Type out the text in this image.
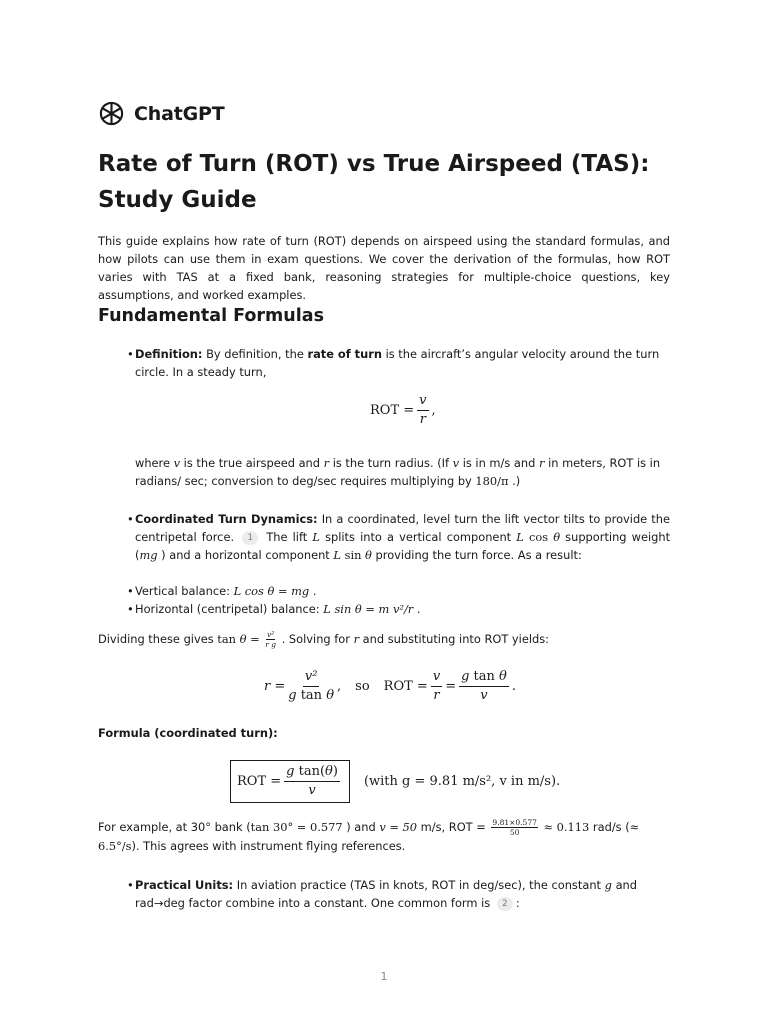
ChatGPT
Rate of Turn (ROT) vs True Airspeed (TAS): Study Guide

This guide explains how rate of turn (ROT) depends on airspeed using the standard formulas, and how pilots can use them in exam questions. We cover the derivation of the formulas, how ROT varies with TAS at a fixed bank, reasoning strategies for multiple-choice questions, key assumptions, and worked examples.

Fundamental Formulas
• Definition: By definition, the rate of turn is the aircraft’s angular velocity around the turn circle. In a steady turn,
ROT = $\frac{v}{r}$ ,
where v is the true airspeed and r is the turn radius. (If v is in m/s and r in meters, ROT is in radians/ sec; conversion to deg/sec requires multiplying by 180/π .)
• Coordinated Turn Dynamics: In a coordinated, level turn the lift vector tilts to provide the centripetal force. 1 The lift L splits into a vertical component L cos θ supporting weight (mg ) and a horizontal component L sin θ providing the turn force. As a result:
• Vertical balance: L cos θ = mg .
• Horizontal (centripetal) balance: L sin θ = m v²/r .
Dividing these gives $\tan \theta = \frac{\text{v²}}{\text{r g}}$ . Solving for r and substituting into ROT yields:
$r = \frac{\text{v²}}{\text{g tan θ}}$ , so ROT = $\frac{v}{r} = \frac{\text{g tan θ}}{v}$ .
Formula (coordinated turn):
ROT = $\frac{\text{g tan(θ)}}{v}$ (with g = 9.81 m/s², v in m/s).
For example, at 30° bank (tan 30° = 0.577 ) and v = 50 m/s, ROT = $\frac{9.81\times 0.577}{50} \approx 0.113$ rad/s (≈ 6.5°/s). This agrees with instrument flying references.
• Practical Units: In aviation practice (TAS in knots, ROT in deg/sec), the constant g and rad→deg factor combine into a constant. One common form is 2 :
1
